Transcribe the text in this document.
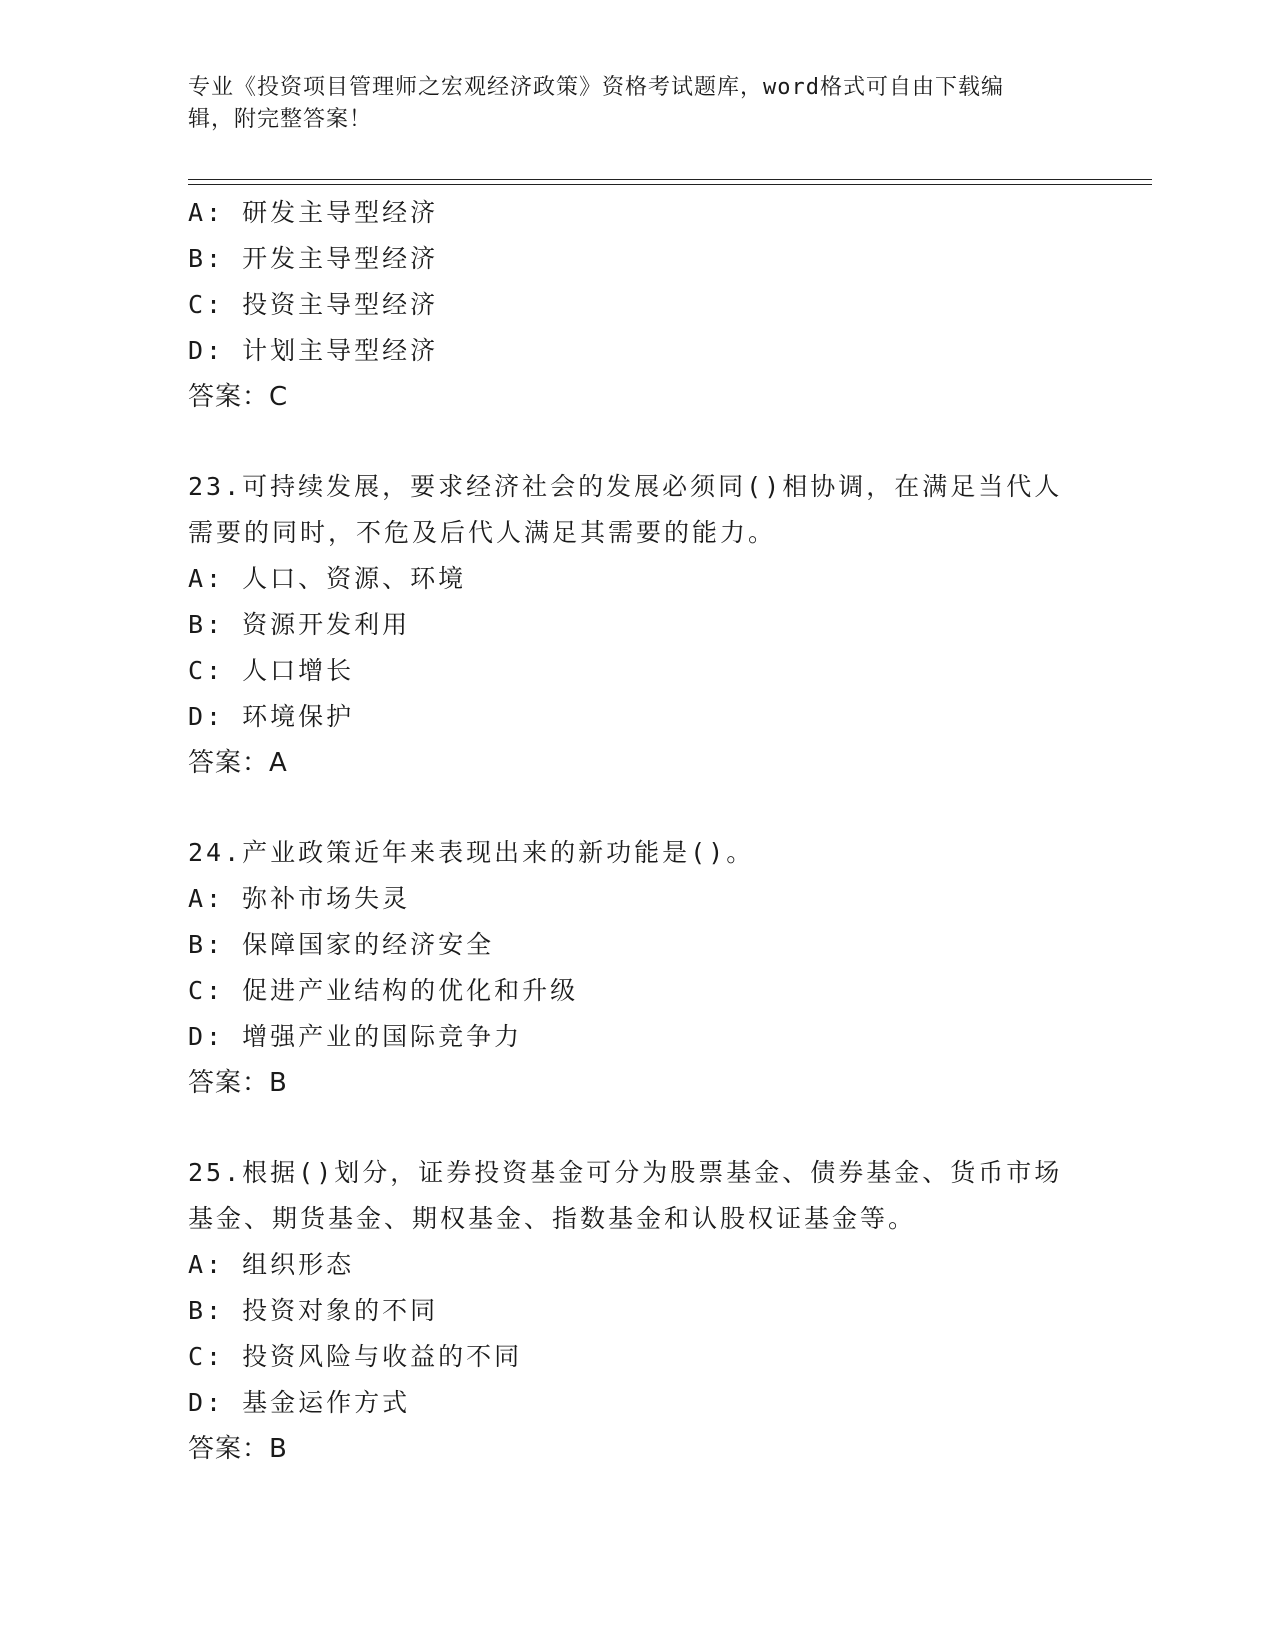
专业《投资项目管理师之宏观经济政策》资格考试题库，word格式可自由下载编
辑，附完整答案！
A: 研发主导型经济
B: 开发主导型经济
C: 投资主导型经济
D: 计划主导型经济
答案：C
23.可持续发展，要求经济社会的发展必须同()相协调，在满足当代人
需要的同时，不危及后代人满足其需要的能力。
A: 人口、资源、环境
B: 资源开发利用
C: 人口增长
D: 环境保护
答案：A
24.产业政策近年来表现出来的新功能是()。
A: 弥补市场失灵
B: 保障国家的经济安全
C: 促进产业结构的优化和升级
D: 增强产业的国际竞争力
答案：B
25.根据()划分，证券投资基金可分为股票基金、债券基金、货币市场
基金、期货基金、期权基金、指数基金和认股权证基金等。
A: 组织形态
B: 投资对象的不同
C: 投资风险与收益的不同
D: 基金运作方式
答案：B
